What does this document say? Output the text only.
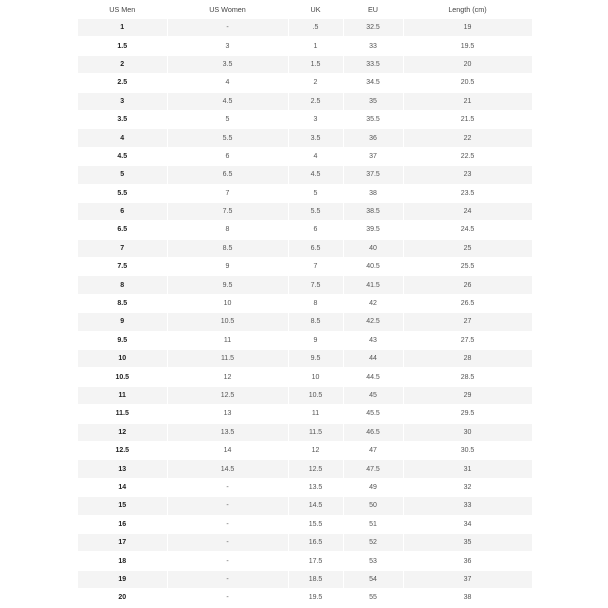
US Men	US Women	UK	EU	Length (cm)
1	-	.5	32.5	19
1.5	3	1	33	19.5
2	3.5	1.5	33.5	20
2.5	4	2	34.5	20.5
3	4.5	2.5	35	21
3.5	5	3	35.5	21.5
4	5.5	3.5	36	22
4.5	6	4	37	22.5
5	6.5	4.5	37.5	23
5.5	7	5	38	23.5
6	7.5	5.5	38.5	24
6.5	8	6	39.5	24.5
7	8.5	6.5	40	25
7.5	9	7	40.5	25.5
8	9.5	7.5	41.5	26
8.5	10	8	42	26.5
9	10.5	8.5	42.5	27
9.5	11	9	43	27.5
10	11.5	9.5	44	28
10.5	12	10	44.5	28.5
11	12.5	10.5	45	29
11.5	13	11	45.5	29.5
12	13.5	11.5	46.5	30
12.5	14	12	47	30.5
13	14.5	12.5	47.5	31
14	-	13.5	49	32
15	-	14.5	50	33
16	-	15.5	51	34
17	-	16.5	52	35
18	-	17.5	53	36
19	-	18.5	54	37
20	-	19.5	55	38
